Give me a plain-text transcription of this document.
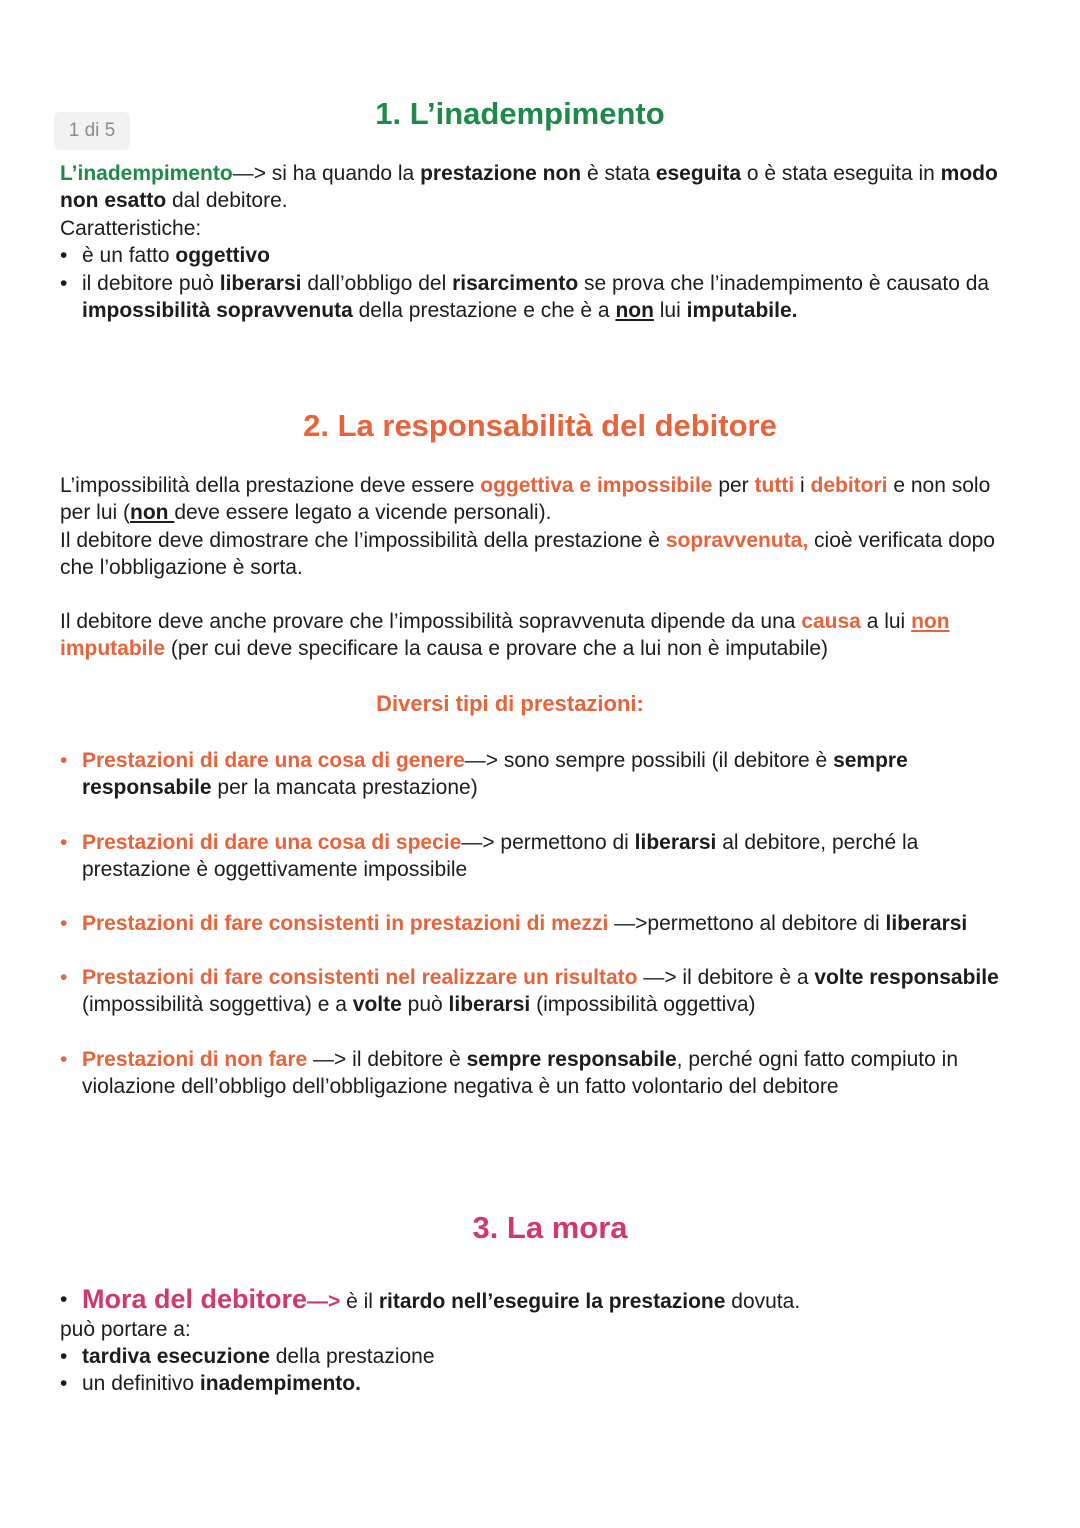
1 di 5	1. L’inadempimento
L’inadempimento—> si ha quando la prestazione non è stata eseguita o è stata eseguita in modo non esatto dal debitore.
Caratteristiche:
• è un fatto oggettivo
• il debitore può liberarsi dall’obbligo del risarcimento se prova che l’inadempimento è causato da impossibilità sopravvenuta della prestazione e che è a non lui imputabile.
2. La responsabilità del debitore
L’impossibilità della prestazione deve essere oggettiva e impossibile per tutti i debitori e non solo per lui (non deve essere legato a vicende personali).
Il debitore deve dimostrare che l’impossibilità della prestazione è sopravvenuta, cioè verificata dopo che l’obbligazione è sorta.
Il debitore deve anche provare che l’impossibilità sopravvenuta dipende da una causa a lui non imputabile (per cui deve specificare la causa e provare che a lui non è imputabile)
Diversi tipi di prestazioni:
• Prestazioni di dare una cosa di genere—> sono sempre possibili (il debitore è sempre responsabile per la mancata prestazione)
• Prestazioni di dare una cosa di specie—> permettono di liberarsi al debitore, perché la prestazione è oggettivamente impossibile
• Prestazioni di fare consistenti in prestazioni di mezzi —>permettono al debitore di liberarsi
• Prestazioni di fare consistenti nel realizzare un risultato —> il debitore è a volte responsabile (impossibilità soggettiva) e a volte può liberarsi (impossibilità oggettiva)
• Prestazioni di non fare —> il debitore è sempre responsabile, perché ogni fatto compiuto in violazione dell’obbligo dell’obbligazione negativa è un fatto volontario del debitore
3. La mora
• Mora del debitore—> è il ritardo nell’eseguire la prestazione dovuta.
può portare a:
• tardiva esecuzione della prestazione
• un definitivo inadempimento.
